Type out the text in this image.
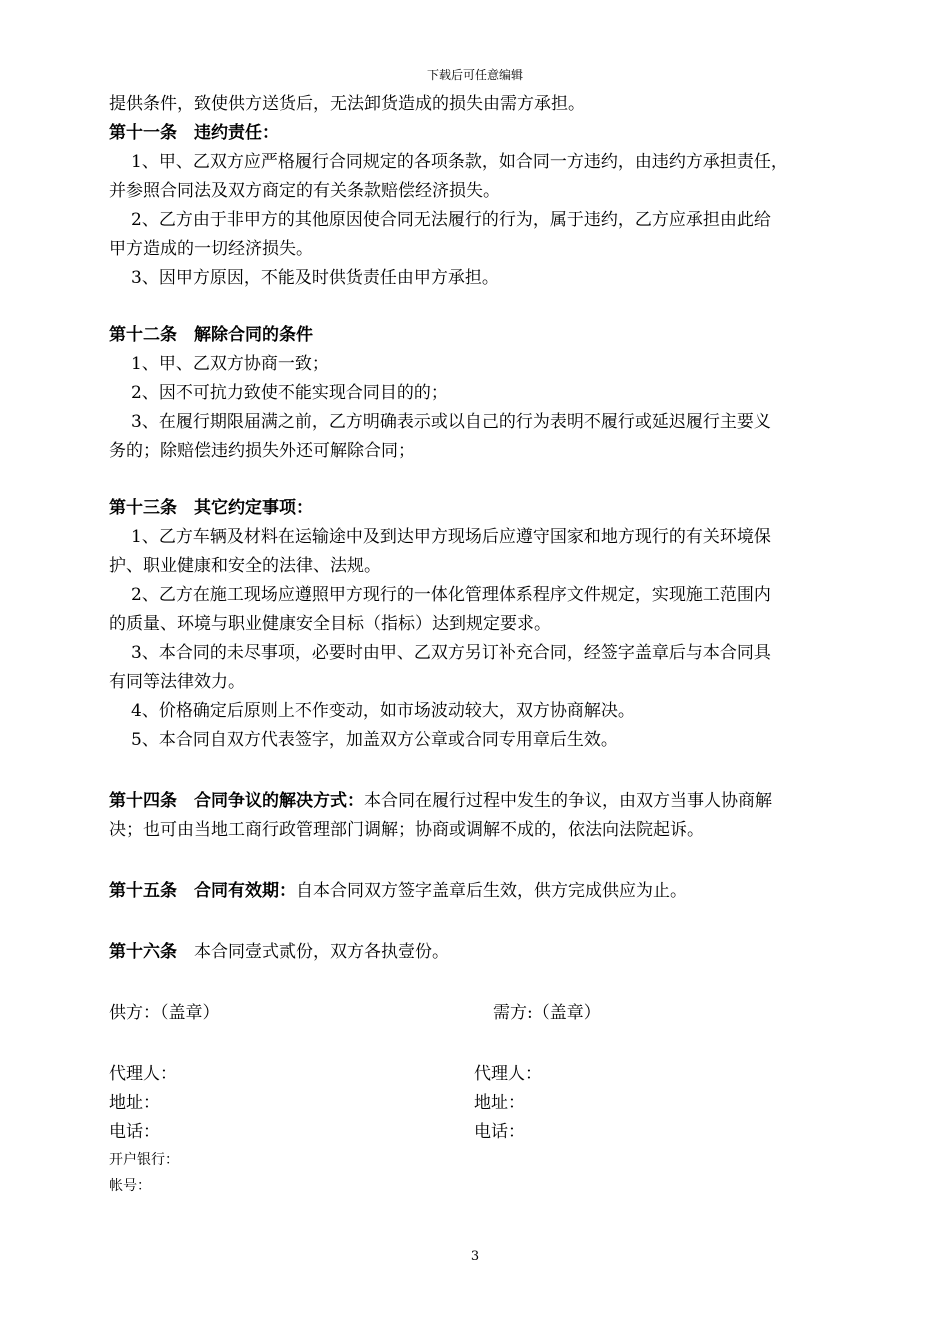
下载后可任意编辑
提供条件，致使供方送货后，无法卸货造成的损失由需方承担。
第十一条　违约责任：
1、甲、乙双方应严格履行合同规定的各项条款，如合同一方违约，由违约方承担责任，
并参照合同法及双方商定的有关条款赔偿经济损失。
2、乙方由于非甲方的其他原因使合同无法履行的行为，属于违约，乙方应承担由此给
甲方造成的一切经济损失。
3、因甲方原因，不能及时供货责任由甲方承担。
第十二条　解除合同的条件
1、甲、乙双方协商一致；
2、因不可抗力致使不能实现合同目的的；
3、在履行期限届满之前，乙方明确表示或以自己的行为表明不履行或延迟履行主要义
务的；除赔偿违约损失外还可解除合同；
第十三条　其它约定事项：
1、乙方车辆及材料在运输途中及到达甲方现场后应遵守国家和地方现行的有关环境保
护、职业健康和安全的法律、法规。
2、乙方在施工现场应遵照甲方现行的一体化管理体系程序文件规定，实现施工范围内
的质量、环境与职业健康安全目标（指标）达到规定要求。
3、本合同的未尽事项，必要时由甲、乙双方另订补充合同，经签字盖章后与本合同具
有同等法律效力。
4、价格确定后原则上不作变动，如市场波动较大，双方协商解决。
5、本合同自双方代表签字，加盖双方公章或合同专用章后生效。
第十四条　合同争议的解决方式：本合同在履行过程中发生的争议，由双方当事人协商解
决；也可由当地工商行政管理部门调解；协商或调解不成的，依法向法院起诉。
第十五条　合同有效期：自本合同双方签字盖章后生效，供方完成供应为止。
第十六条　本合同壹式贰份，双方各执壹份。
供方：（盖章）	需方:（盖章）
代理人：	代理人：
地址：	地址：
电话：	电话：
开户银行：
帐号：
3
